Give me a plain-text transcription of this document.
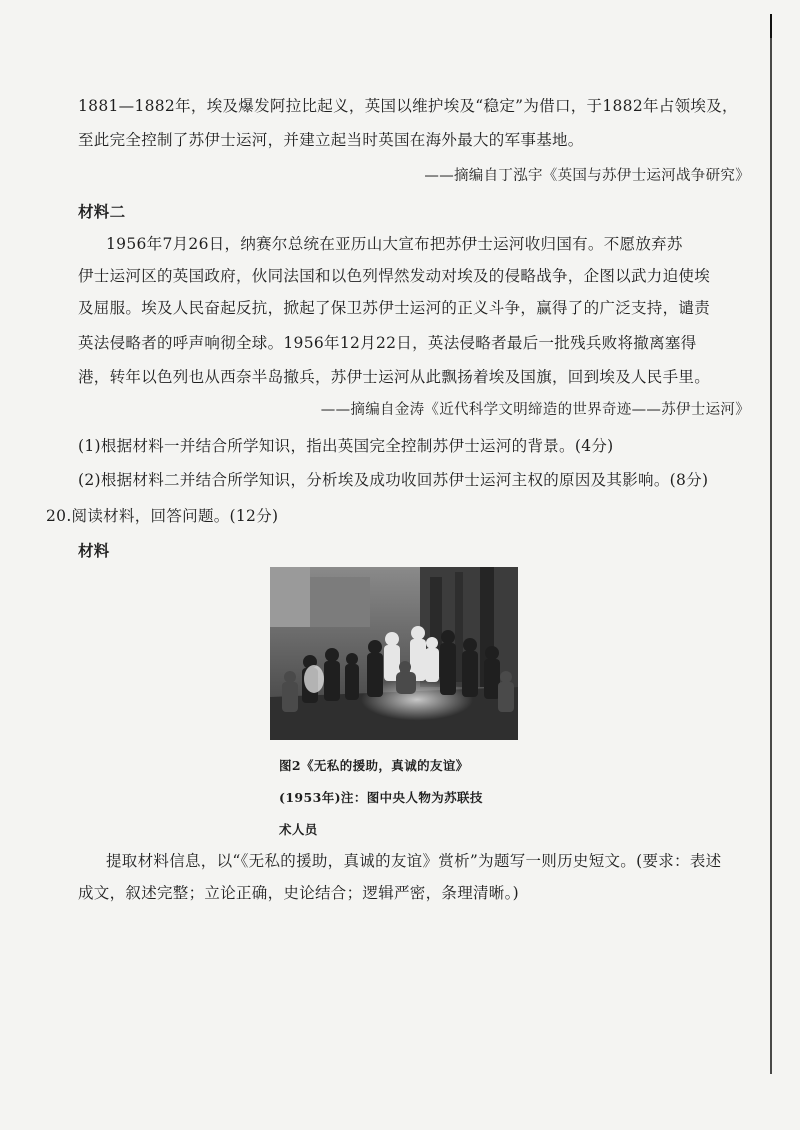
1881—1882年，埃及爆发阿拉比起义，英国以维护埃及“稳定”为借口，于1882年占领埃及，
至此完全控制了苏伊士运河，并建立起当时英国在海外最大的军事基地。
——摘编自丁泓宇《英国与苏伊士运河战争研究》
材料二
1956年7月26日，纳赛尔总统在亚历山大宣布把苏伊士运河收归国有。不愿放弃苏
伊士运河区的英国政府，伙同法国和以色列悍然发动对埃及的侵略战争，企图以武力迫使埃
及屈服。埃及人民奋起反抗，掀起了保卫苏伊士运河的正义斗争，赢得了的广泛支持，谴责
英法侵略者的呼声响彻全球。1956年12月22日，英法侵略者最后一批残兵败将撤离塞得
港，转年以色列也从西奈半岛撤兵，苏伊士运河从此飘扬着埃及国旗，回到埃及人民手里。
——摘编自金涛《近代科学文明缔造的世界奇迹——苏伊士运河》
(1)根据材料一并结合所学知识，指出英国完全控制苏伊士运河的背景。(4分)
(2)根据材料二并结合所学知识，分析埃及成功收回苏伊士运河主权的原因及其影响。(8分)
20.阅读材料，回答问题。(12分)
材料
图2《无私的援助，真诚的友谊》
(1953年)注：图中央人物为苏联技
术人员
提取材料信息，以“《无私的援助，真诚的友谊》赏析”为题写一则历史短文。(要求：表述
成文，叙述完整；立论正确，史论结合；逻辑严密，条理清晰。)
